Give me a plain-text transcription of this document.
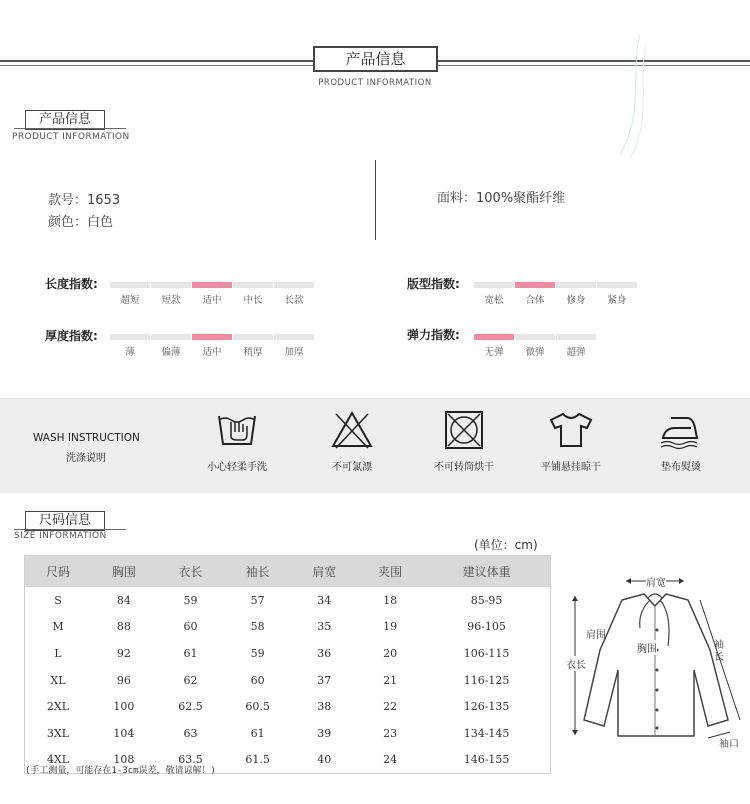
产品信息
PRODUCT INFORMATION
产品信息
PRODUCT INFORMATION
款号：1653
颜色：白色
面料：100%聚酯纤维
长度指数:
超短	短款	适中	中长	长款
版型指数:
宽松	合体	修身	紧身
厚度指数:
薄	偏薄	适中	稍厚	加厚
弹力指数:
无弹	微弹	超弹
WASH INSTRUCTION
洗涤说明
小心轻柔手洗	不可氯漂	不可转筒烘干	平铺悬挂晾干	垫布熨烫
尺码信息
SIZE INFORMATION
(单位：cm)
尺码	胸围	衣长	袖长	肩宽	夹围	建议体重
S	84	59	57	34	18	85-95
M	88	60	58	35	19	96-105
L	92	61	59	36	20	106-115
XL	96	62	60	37	21	116-125
2XL	100	62.5	60.5	38	22	126-135
3XL	104	63	61	39	23	134-145
4XL	108	63.5	61.5	40	24	146-155
(手工测量，可能存在1-3cm误差，敬请谅解！)
肩宽
肩围
胸围
衣长
袖长
袖口
